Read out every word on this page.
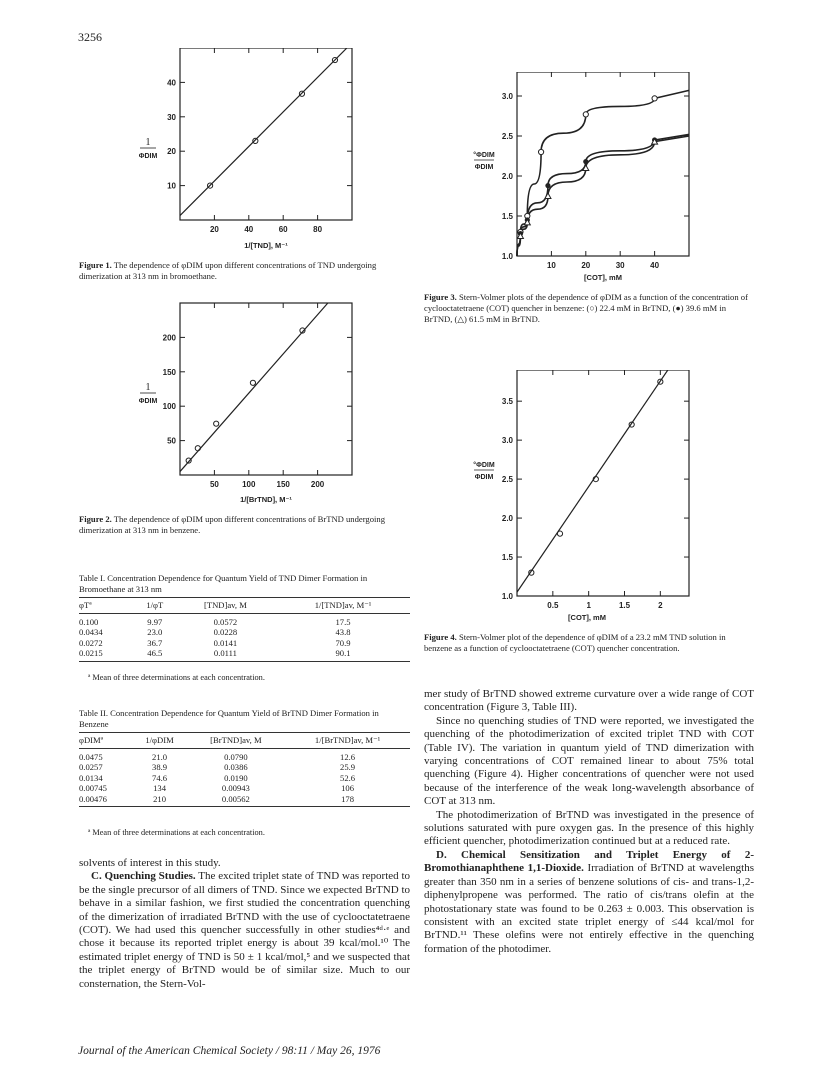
3256
20	40	60	80
10
20
30
40
1
ΦDIM
1/[TND], M⁻¹
Figure 1. The dependence of φDIM upon different concentrations of TND undergoing dimerization at 313 nm in bromoethane.
50	100	150	200
50
100
150
200
1
ΦDIM
1/[BrTND], M⁻¹
Figure 2. The dependence of φDIM upon different concentrations of BrTND undergoing dimerization at 313 nm in benzene.
Table I. Concentration Dependence for Quantum Yield of TND Dimer Formation in Bromoethane at 313 nm
φTª	1/φT	[TND]av, M	1/[TND]av, M⁻¹
0.100	9.97	0.0572	17.5
0.0434	23.0	0.0228	43.8
0.0272	36.7	0.0141	70.9
0.0215	46.5	0.0111	90.1
ª Mean of three determinations at each concentration.
Table II. Concentration Dependence for Quantum Yield of BrTND Dimer Formation in Benzene
φDIMª	1/φDIM	[BrTND]av, M	1/[BrTND]av, M⁻¹
0.0475	21.0	0.0790	12.6
0.0257	38.9	0.0386	25.9
0.0134	74.6	0.0190	52.6
0.00745	134	0.00943	106
0.00476	210	0.00562	178
ª Mean of three determinations at each concentration.

solvents of interest in this study.

C. Quenching Studies. The excited triplet state of TND was reported to be the single precursor of all dimers of TND. Since we expected BrTND to behave in a similar fashion, we first studied the concentration quenching of the dimerization of irradiated BrTND with the use of cyclooctatetraene (COT). We had used this quencher successfully in other studies⁴ᵈ·ᵉ and chose it because its reported triplet energy is about 39 kcal/mol.¹⁰ The estimated triplet energy of TND is 50 ± 1 kcal/mol,⁵ and we suspected that the triplet energy of BrTND would be of similar size. Much to our consternation, the Stern-Vol-

10	20	30	40
1.0
1.5
2.0
2.5
3.0
°ΦDIM
ΦDIM
[COT], mM
Figure 3. Stern-Volmer plots of the dependence of φDIM as a function of the concentration of cyclooctatetraene (COT) quencher in benzene: (○) 22.4 mM in BrTND, (●) 39.6 mM in BrTND, (△) 61.5 mM in BrTND.
0.5	1	1.5	2
1.0
1.5
2.0
2.5
3.0
3.5
°ΦDIM
ΦDIM
[COT], mM
Figure 4. Stern-Volmer plot of the dependence of φDIM of a 23.2 mM TND solution in benzene as a function of cyclooctatetraene (COT) quencher concentration.

mer study of BrTND showed extreme curvature over a wide range of COT concentration (Figure 3, Table III).

Since no quenching studies of TND were reported, we investigated the quenching of the photodimerization of excited triplet TND with COT (Table IV). The variation in quantum yield of TND dimerization with varying concentrations of COT remained linear to about 75% total quenching (Figure 4). Higher concentrations of quencher were not used because of the interference of the weak long-wavelength absorbance of COT at 313 nm.

The photodimerization of BrTND was investigated in the presence of solutions saturated with pure oxygen gas. In the presence of this highly efficient quencher, photodimerization continued but at a reduced rate.

D. Chemical Sensitization and Triplet Energy of 2-Bromothianaphthene 1,1-Dioxide. Irradiation of BrTND at wavelengths greater than 350 nm in a series of benzene solutions of cis- and trans-1,2-diphenylpropene was performed. The ratio of cis/trans olefin at the photostationary state was found to be 0.263 ± 0.003. This observation is consistent with an excited state triplet energy of ≤44 kcal/mol for BrTND.¹¹ These olefins were not entirely effective in the quenching formation of the photodimer.

Journal of the American Chemical Society / 98:11 / May 26, 1976
